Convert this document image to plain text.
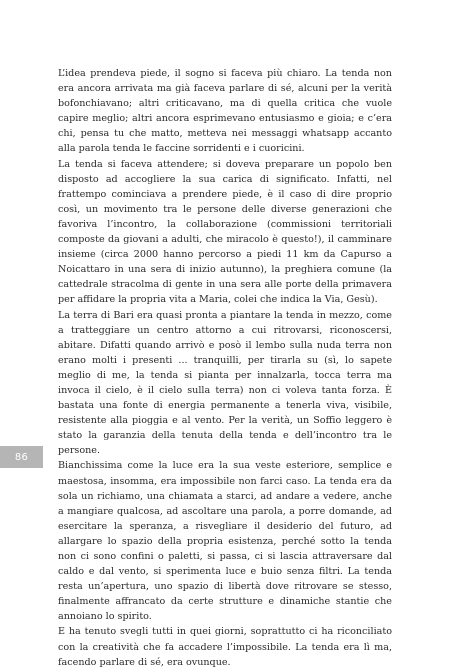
L’idea prendeva piede, il sogno si faceva più chiaro. La tenda non era ancora arrivata ma già faceva parlare di sé, alcuni per la verità bofonchiavano; altri criticavano, ma di quella critica che vuole capire meglio; altri ancora esprimevano entusiasmo e gioia; e c’era chi, pensa tu che matto, metteva nei messaggi whatsapp accanto alla parola tenda le faccine sorridenti e i cuoricini.

La tenda si faceva attendere; si doveva preparare un popolo ben disposto ad accogliere la sua carica di significato. Infatti, nel frattempo cominciava a prendere piede, è il caso di dire proprio così, un movimento tra le persone delle diverse generazioni che favoriva l’incontro, la collaborazione (commissioni territoriali composte da giovani a adulti, che miracolo è questo!), il camminare insieme (circa 2000 hanno percorso a piedi 11 km da Capurso a Noicattaro in una sera di inizio autunno), la preghiera comune (la cattedrale stracolma di gente in una sera alle porte della primavera per affidare la propria vita a Maria, colei che indica la Via, Gesù).

La terra di Bari era quasi pronta a piantare la tenda in mezzo, come a tratteggiare un centro attorno a cui ritrovarsi, riconoscersi, abitare. Difatti quando arrivò e posò il lembo sulla nuda terra non erano molti i presenti ... tranquilli, per tirarla su (sì, lo sapete meglio di me, la tenda si pianta per innalzarla, tocca terra ma invoca il cielo, è il cielo sulla terra) non ci voleva tanta forza. È bastata una fonte di energia permanente a tenerla viva, visibile, resistente alla pioggia e al vento. Per la verità, un Soffio leggero è stato la garanzia della tenuta della tenda e dell’incontro tra le persone.

Bianchissima come la luce era la sua veste esteriore, semplice e maestosa, insomma, era impossibile non farci caso. La tenda era da sola un richiamo, una chiamata a starci, ad andare a vedere, anche a mangiare qualcosa, ad ascoltare una parola, a porre domande, ad esercitare la speranza, a risvegliare il desiderio del futuro, ad allargare lo spazio della propria esistenza, perché sotto la tenda non ci sono confini o paletti, si passa, ci si lascia attraversare dal caldo e dal vento, si sperimenta luce e buio senza filtri. La tenda resta un’apertura, uno spazio di libertà dove ritrovare se stesso, finalmente affrancato da certe strutture e dinamiche stantie che annoiano lo spirito.

E ha tenuto svegli tutti in quei giorni, soprattutto ci ha riconciliato con la creatività che fa accadere l’impossibile. La tenda era lì ma, facendo parlare di sé, era ovunque.

86
